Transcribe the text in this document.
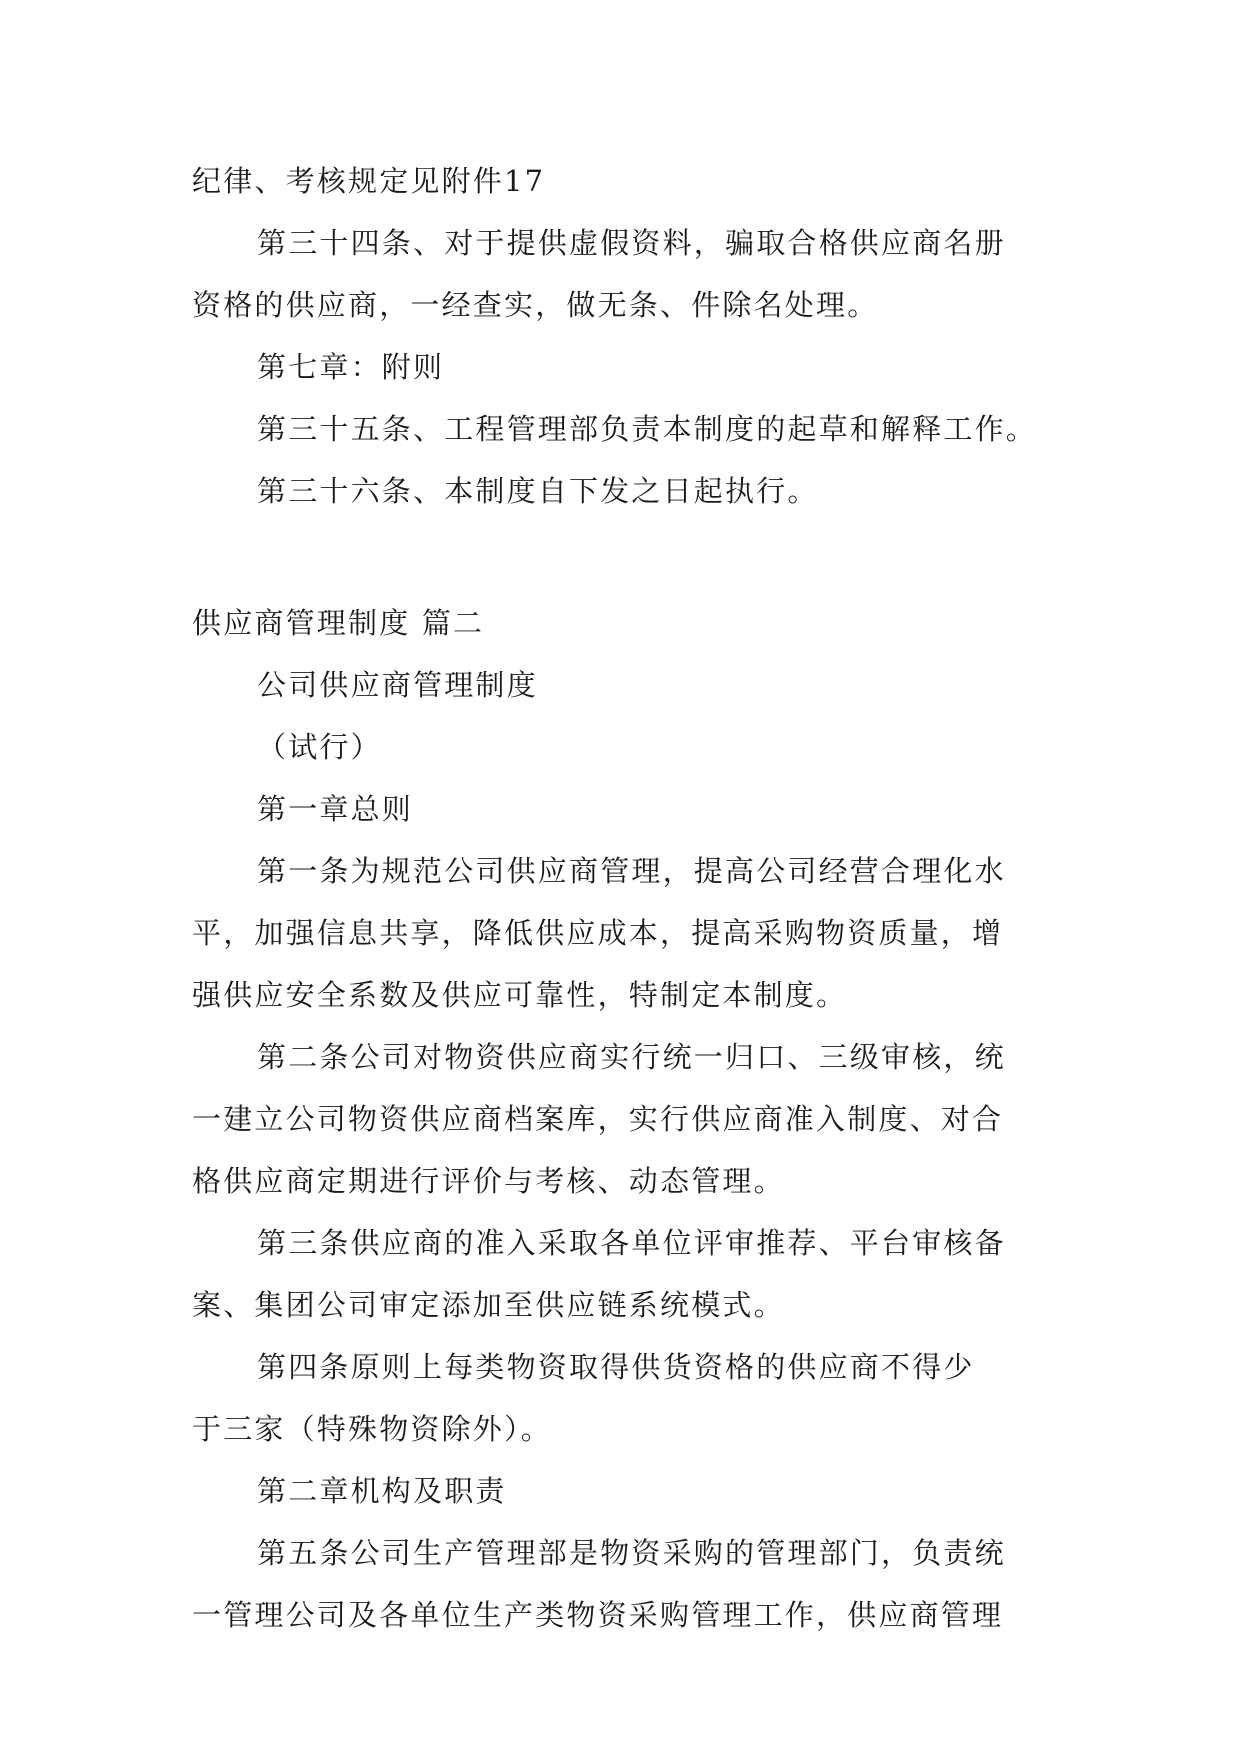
纪律、考核规定见附件17
第三十四条、对于提供虚假资料，骗取合格供应商名册
资格的供应商，一经查实，做无条、件除名处理。
第七章：附则
第三十五条、工程管理部负责本制度的起草和解释工作。
第三十六条、本制度自下发之日起执行。
供应商管理制度 篇二
公司供应商管理制度
（试行）
第一章总则
第一条为规范公司供应商管理，提高公司经营合理化水
平，加强信息共享，降低供应成本，提高采购物资质量，增
强供应安全系数及供应可靠性，特制定本制度。
第二条公司对物资供应商实行统一归口、三级审核，统
一建立公司物资供应商档案库，实行供应商准入制度、对合
格供应商定期进行评价与考核、动态管理。
第三条供应商的准入采取各单位评审推荐、平台审核备
案、集团公司审定添加至供应链系统模式。
第四条原则上每类物资取得供货资格的供应商不得少
于三家（特殊物资除外）。
第二章机构及职责
第五条公司生产管理部是物资采购的管理部门，负责统
一管理公司及各单位生产类物资采购管理工作，供应商管理
